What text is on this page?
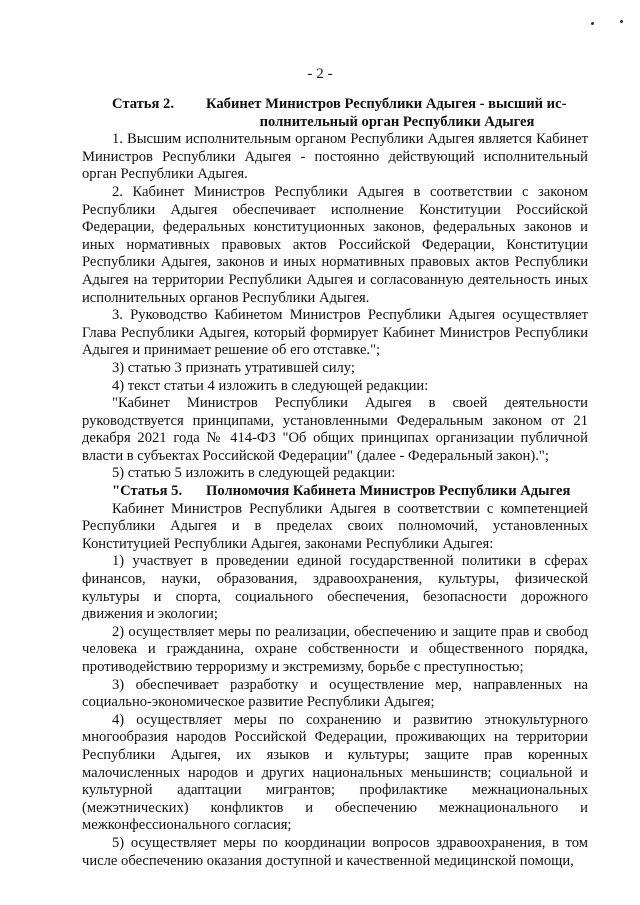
- 2 -
Статья 2.	Кабинет Министров Республики Адыгея - высший ис-
полнительный орган Республики Адыгея

1. Высшим исполнительным органом Республики Адыгея является Кабинет Министров Республики Адыгея - постоянно действующий исполнительный орган Республики Адыгея.

2. Кабинет Министров Республики Адыгея в соответствии с законом Республики Адыгея обеспечивает исполнение Конституции Российской Федерации, федеральных конституционных законов, федеральных законов и иных нормативных правовых актов Российской Федерации, Конституции Республики Адыгея, законов и иных нормативных правовых актов Республики Адыгея на территории Республики Адыгея и согласованную деятельность иных исполнительных органов Республики Адыгея.

3. Руководство Кабинетом Министров Республики Адыгея осуществляет Глава Республики Адыгея, который формирует Кабинет Министров Республики Адыгея и принимает решение об его отставке.";

3) статью 3 признать утратившей силу;

4) текст статьи 4 изложить в следующей редакции:

"Кабинет Министров Республики Адыгея в своей деятельности руководствуется принципами, установленными Федеральным законом от 21 декабря 2021 года № 414-ФЗ "Об общих принципах организации публичной власти в субъектах Российской Федерации" (далее - Федеральный закон).";

5) статью 5 изложить в следующей редакции:

"Статья 5.	Полномочия Кабинета Министров Республики Адыгея

Кабинет Министров Республики Адыгея в соответствии с компетенцией Республики Адыгея и в пределах своих полномочий, установленных Конституцией Республики Адыгея, законами Республики Адыгея:

1) участвует в проведении единой государственной политики в сферах финансов, науки, образования, здравоохранения, культуры, физической культуры и спорта, социального обеспечения, безопасности дорожного движения и экологии;

2) осуществляет меры по реализации, обеспечению и защите прав и свобод человека и гражданина, охране собственности и общественного порядка, противодействию терроризму и экстремизму, борьбе с преступностью;

3) обеспечивает разработку и осуществление мер, направленных на социально-экономическое развитие Республики Адыгея;

4) осуществляет меры по сохранению и развитию этнокультурного многообразия народов Российской Федерации, проживающих на территории Республики Адыгея, их языков и культуры; защите прав коренных малочисленных народов и других национальных меньшинств; социальной и культурной адаптации мигрантов; профилактике межнациональных (межэтнических) конфликтов и обеспечению межнационального и межконфессионального согласия;

5) осуществляет меры по координации вопросов здравоохранения, в том числе обеспечению оказания доступной и качественной медицинской помощи,
